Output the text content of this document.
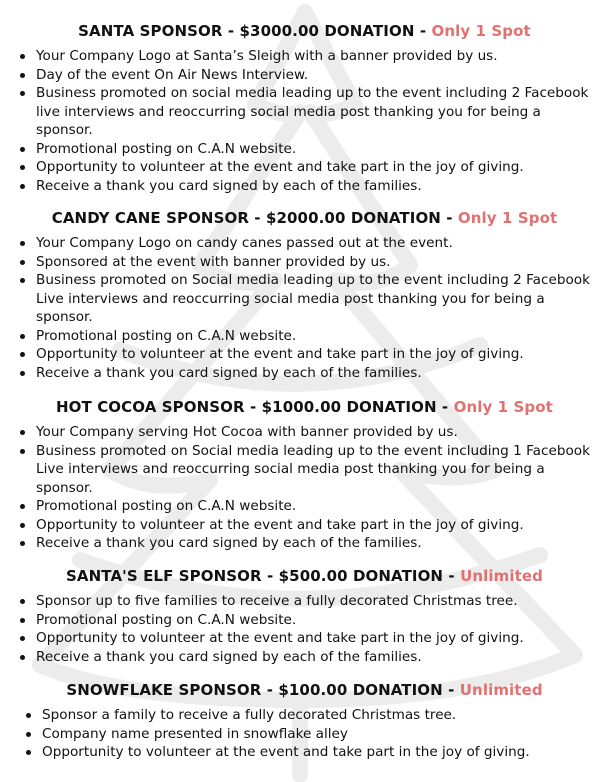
SANTA SPONSOR - $3000.00 DONATION - Only 1 Spot
Your Company Logo at Santa’s Sleigh with a banner provided by us.
Day of the event On Air News Interview.
Business promoted on social media leading up to the event including 2 Facebook live interviews and reoccurring social media post thanking you for being a sponsor.
Promotional posting on C.A.N website.
Opportunity to volunteer at the event and take part in the joy of giving.
Receive a thank you card signed by each of the families.
CANDY CANE SPONSOR - $2000.00 DONATION - Only 1 Spot
Your Company Logo on candy canes passed out at the event.
Sponsored at the event with banner provided by us.
Business promoted on Social media leading up to the event including 2 Facebook Live interviews and reoccurring social media post thanking you for being a sponsor.
Promotional posting on C.A.N website.
Opportunity to volunteer at the event and take part in the joy of giving.
Receive a thank you card signed by each of the families.
HOT COCOA SPONSOR - $1000.00 DONATION - Only 1 Spot
Your Company serving Hot Cocoa with banner provided by us.
Business promoted on Social media leading up to the event including 1 Facebook Live interviews and reoccurring social media post thanking you for being a sponsor.
Promotional posting on C.A.N website.
Opportunity to volunteer at the event and take part in the joy of giving.
Receive a thank you card signed by each of the families.
SANTA'S ELF SPONSOR - $500.00 DONATION - Unlimited
Sponsor up to five families to receive a fully decorated Christmas tree.
Promotional posting on C.A.N website.
Opportunity to volunteer at the event and take part in the joy of giving.
Receive a thank you card signed by each of the families.
SNOWFLAKE SPONSOR - $100.00 DONATION - Unlimited
Sponsor a family to receive a fully decorated Christmas tree.
Company name presented in snowflake alley
Opportunity to volunteer at the event and take part in the joy of giving.
